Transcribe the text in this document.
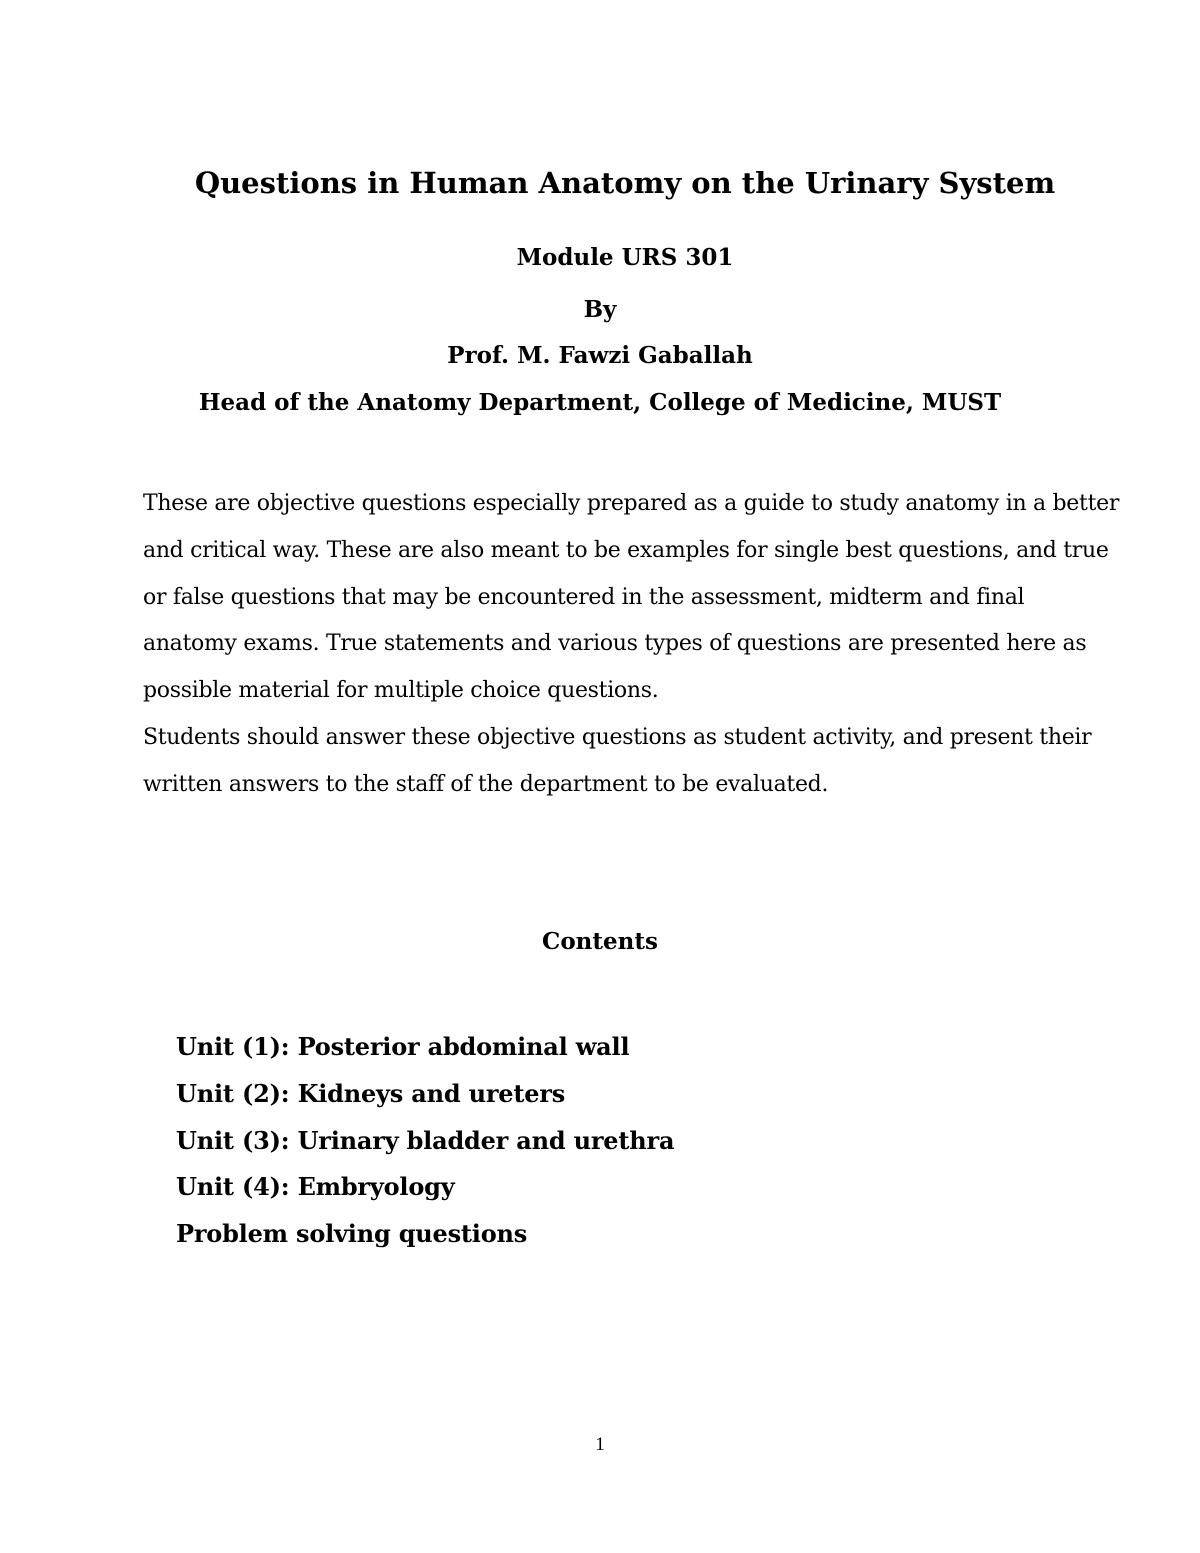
Questions in Human Anatomy on the Urinary System
Module URS 301
By
Prof. M. Fawzi Gaballah
Head of the Anatomy Department, College of Medicine, MUST

These are objective questions especially prepared as a guide to study anatomy in a better and critical way. These are also meant to be examples for single best questions, and true or false questions that may be encountered in the assessment, midterm and final anatomy exams. True statements and various types of questions are presented here as possible material for multiple choice questions.

Students should answer these objective questions as student activity, and present their written answers to the staff of the department to be evaluated.

Contents
Unit (1): Posterior abdominal wall
Unit (2): Kidneys and ureters
Unit (3): Urinary bladder and urethra
Unit (4): Embryology
Problem solving questions
1
